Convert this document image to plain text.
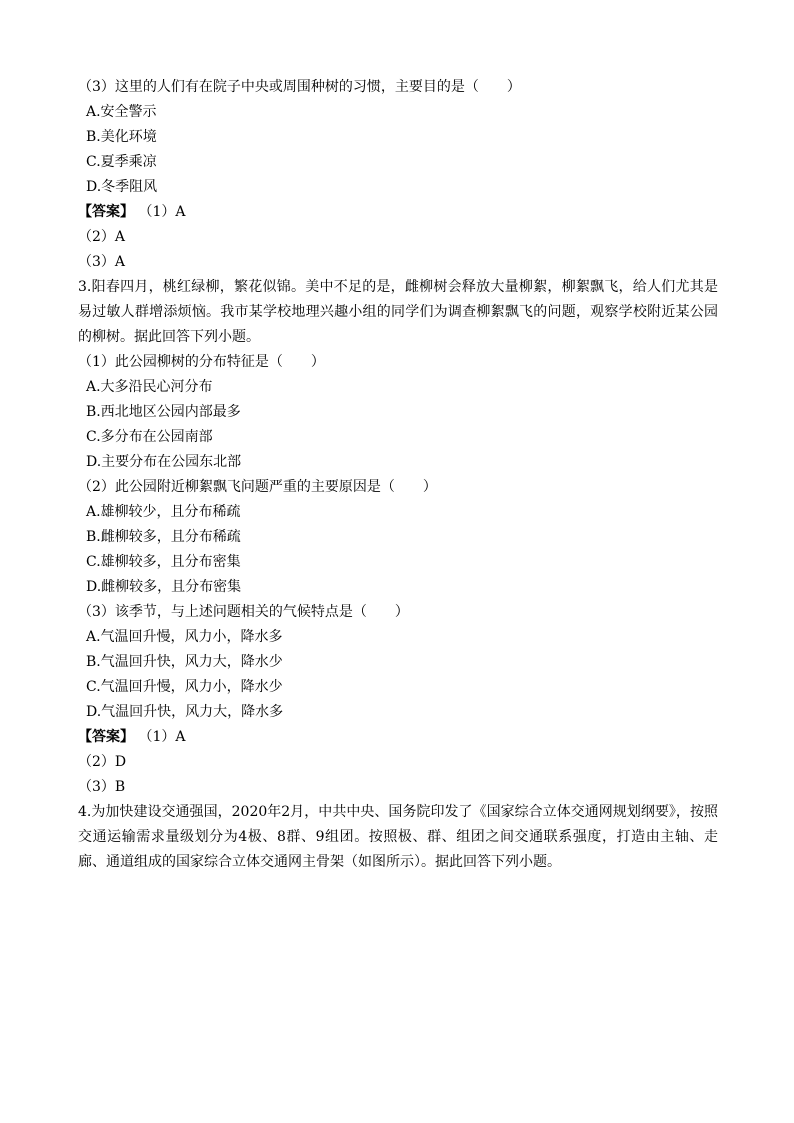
（3）这里的人们有在院子中央或周围种树的习惯，主要目的是（　　）
A.安全警示
B.美化环境
C.夏季乘凉
D.冬季阻风
【答案】 （1）A
（2）A
（3）A
3.阳春四月，桃红绿柳，繁花似锦。美中不足的是，雌柳树会释放大量柳絮，柳絮飘飞，给人们尤其是易过敏人群增添烦恼。我市某学校地理兴趣小组的同学们为调查柳絮飘飞的问题，观察学校附近某公园的柳树。据此回答下列小题。
（1）此公园柳树的分布特征是（　　）
A.大多沿民心河分布
B.西北地区公园内部最多
C.多分布在公园南部
D.主要分布在公园东北部
（2）此公园附近柳絮飘飞问题严重的主要原因是（　　）
A.雄柳较少，且分布稀疏
B.雌柳较多，且分布稀疏
C.雄柳较多，且分布密集
D.雌柳较多，且分布密集
（3）该季节，与上述问题相关的气候特点是（　　）
A.气温回升慢，风力小，降水多
B.气温回升快，风力大，降水少
C.气温回升慢，风力小，降水少
D.气温回升快，风力大，降水多
【答案】 （1）A
（2）D
（3）B
4.为加快建设交通强国，2020年2月，中共中央、国务院印发了《国家综合立体交通网规划纲要》，按照交通运输需求量级划分为4极、8群、9组团。按照极、群、组团之间交通联系强度，打造由主轴、走廊、通道组成的国家综合立体交通网主骨架（如图所示）。据此回答下列小题。
